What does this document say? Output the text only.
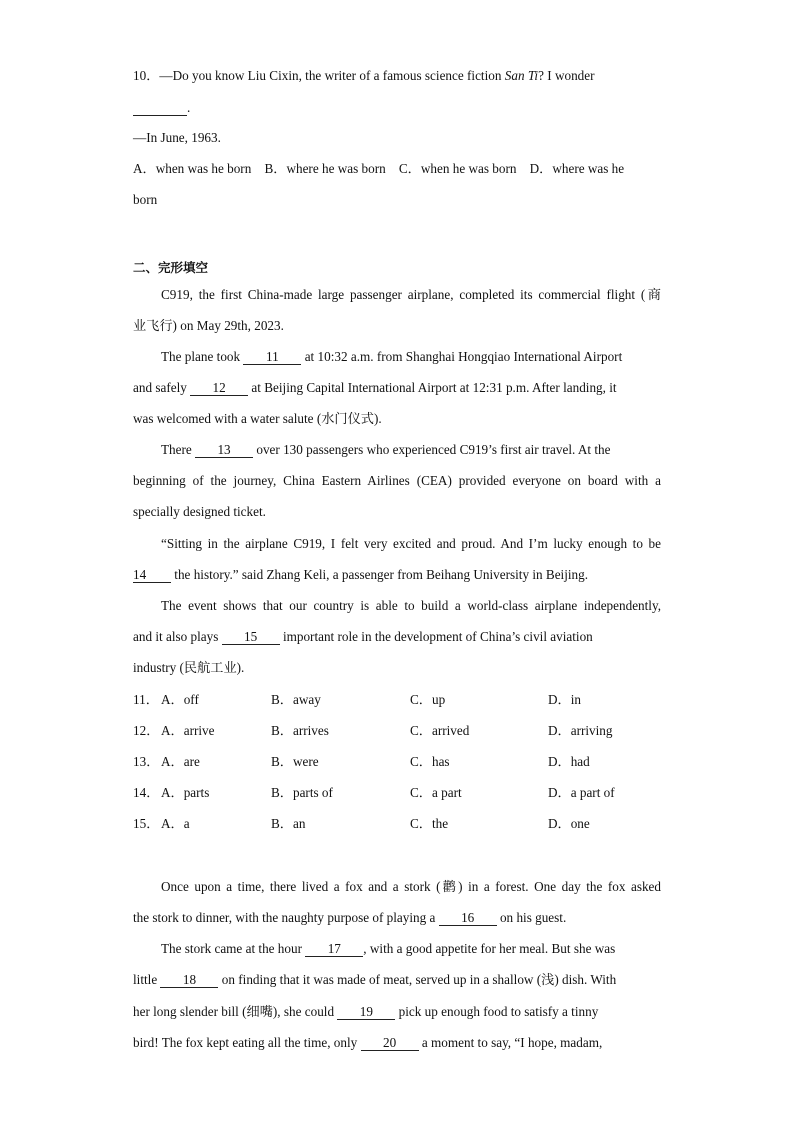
10．—Do you know Liu Cixin, the writer of a famous science fiction San Ti? I wonder
.
—In June, 1963.
A．when was he born    B．where he was born    C．when he was born    D．where was he
born
二、完形填空
C919, the first China-made large passenger airplane, completed its commercial flight (商
业飞行) on May 29th, 2023.
The plane took 11 at 10:32 a.m. from Shanghai Hongqiao International Airport
and safely 12 at Beijing Capital International Airport at 12:31 p.m. After landing, it
was welcomed with a water salute (水门仪式).
There 13 over 130 passengers who experienced C919’s first air travel. At the
beginning of the journey, China Eastern Airlines (CEA) provided everyone on board with a
specially designed ticket.
“Sitting in the airplane C919, I felt very excited and proud. And I’m lucky enough to be
14 the history.” said Zhang Keli, a passenger from Beihang University in Beijing.
The event shows that our country is able to build a world-class airplane independently,
and it also plays 15 important role in the development of China’s civil aviation
industry (民航工业).
11． A．off	B．away	C．up	D．in
12． A．arrive	B．arrives	C．arrived	D．arriving
13． A．are	B．were	C．has	D．had
14． A．parts	B．parts of	C．a part	D．a part of
15． A．a	B．an	C．the	D．one
Once upon a time, there lived a fox and a stork (鹳) in a forest. One day the fox asked
the stork to dinner, with the naughty purpose of playing a 16 on his guest.
The stork came at the hour 17 , with a good appetite for her meal. But she was
little 18 on finding that it was made of meat, served up in a shallow (浅) dish. With
her long slender bill (细嘴), she could 19 pick up enough food to satisfy a tinny
bird! The fox kept eating all the time, only 20 a moment to say, “I hope, madam,
